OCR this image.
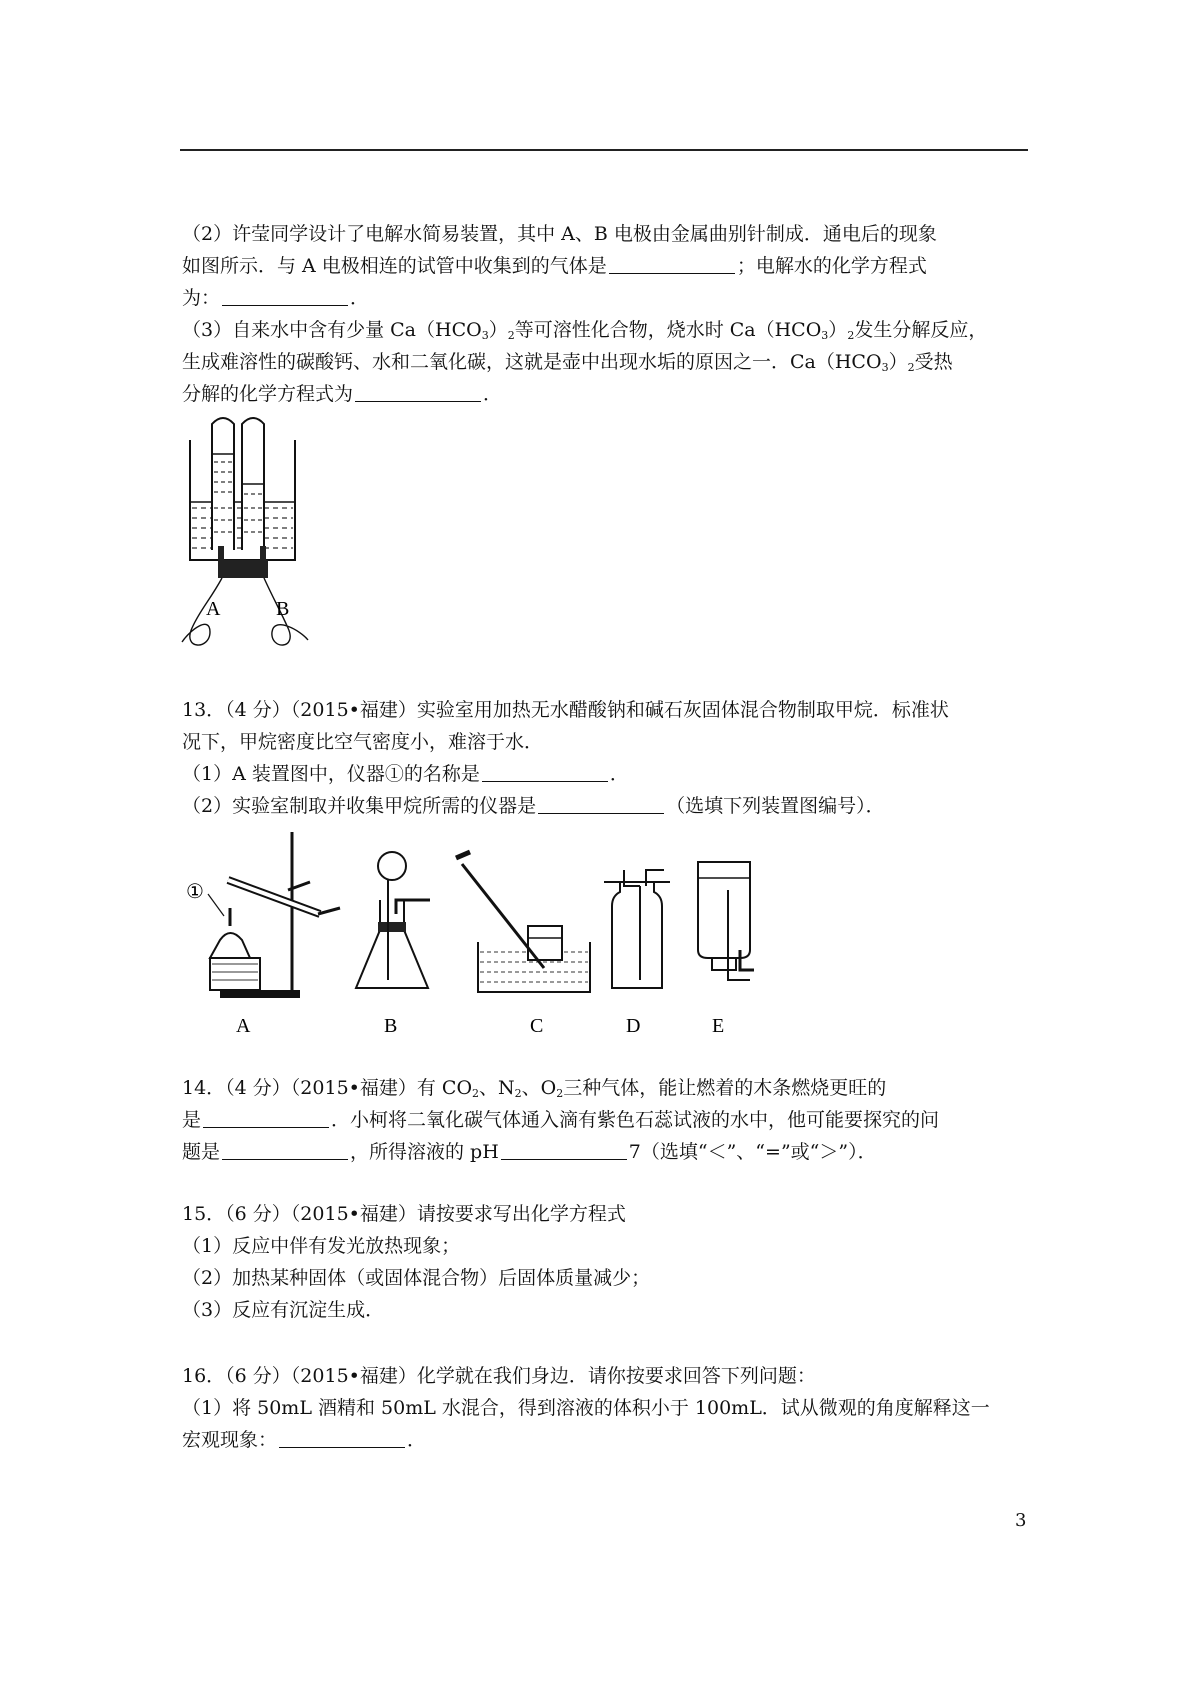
（2）许莹同学设计了电解水简易装置，其中 A、B 电极由金属曲别针制成．通电后的现象
如图所示．与 A 电极相连的试管中收集到的气体是	；电解水的化学方程式
为：	．
（3）自来水中含有少量 $Ca(HCO_3)_2$等可溶性化合物，烧水时 $Ca(HCO_3)_2$发生分解反应，
生成难溶性的碳酸钙、水和二氧化碳，这就是壶中出现水垢的原因之一．$Ca(HCO_3)_2$受热
分解的化学方程式为	．
A	B
13．（4 分）（2015•福建）实验室用加热无水醋酸钠和碱石灰固体混合物制取甲烷．标准状
况下，甲烷密度比空气密度小，难溶于水．
（1）A 装置图中，仪器①的名称是	．
（2）实验室制取并收集甲烷所需的仪器是	（选填下列装置图编号）．
①
A	B	C	D	E
14．（4 分）（2015•福建）有 $CO_2$、$N_2$、$O_2$三种气体，能让燃着的木条燃烧更旺的
是	．小柯将二氧化碳气体通入滴有紫色石蕊试液的水中，他可能要探究的问
题是	，所得溶液的 pH	7（选填“＜”、“=”或“＞”）．
15．（6 分）（2015•福建）请按要求写出化学方程式
（1）反应中伴有发光放热现象；
（2）加热某种固体（或固体混合物）后固体质量减少；
（3）反应有沉淀生成．
16．（6 分）（2015•福建）化学就在我们身边．请你按要求回答下列问题：
（1）将 50mL 酒精和 50mL 水混合，得到溶液的体积小于 100mL．试从微观的角度解释这一
宏观现象：	．
3
